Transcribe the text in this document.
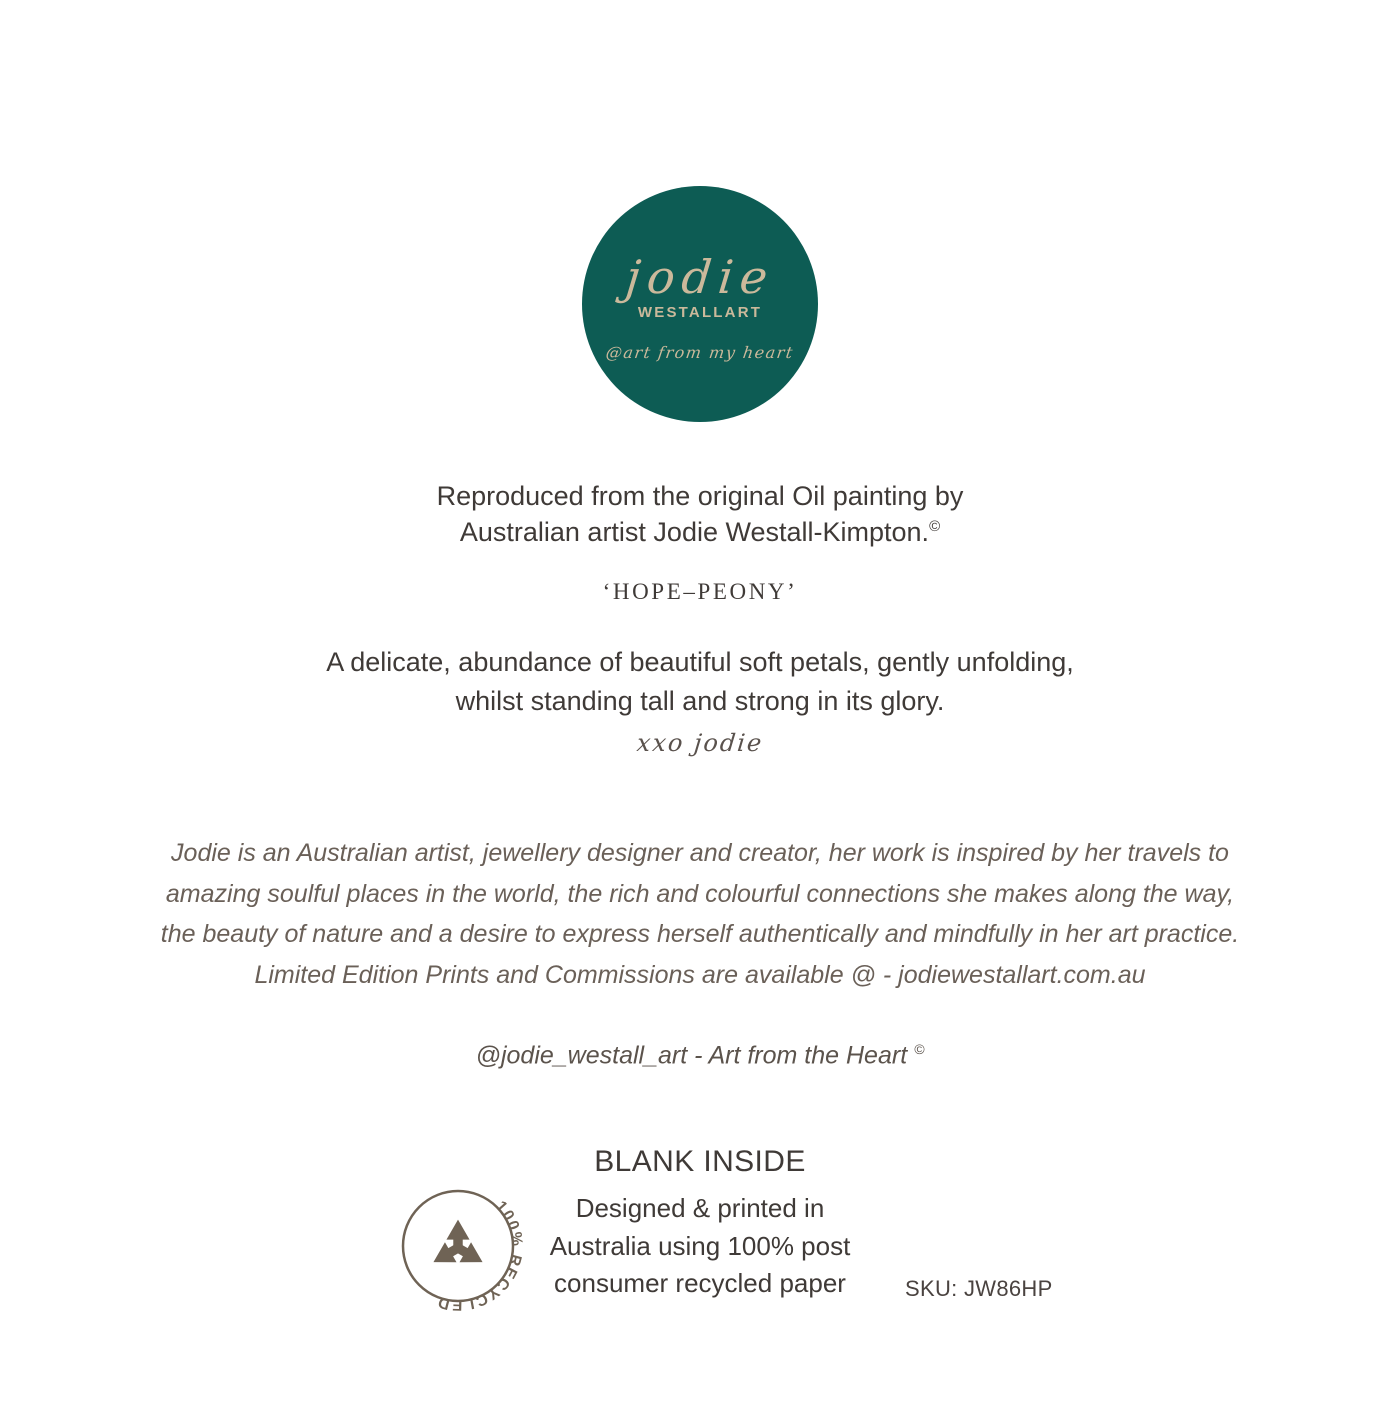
jodie
WESTALLART
@art from my heart
Reproduced from the original Oil painting by
Australian artist Jodie Westall-Kimpton.©
‘HOPE–PEONY’
A delicate, abundance of beautiful soft petals, gently unfolding,
whilst standing tall and strong in its glory.
xxo jodie
Jodie is an Australian artist, jewellery designer and creator, her work is inspired by her travels to
amazing soulful places in the world, the rich and colourful connections she makes along the way,
the beauty of nature and a desire to express herself authentically and mindfully in her art practice.
Limited Edition Prints and Commissions are available @ - jodiewestallart.com.au
@jodie_westall_art - Art from the Heart ©
BLANK INSIDE
Designed & printed in
Australia using 100% post
consumer recycled paper	SKU: JW86HP
100% RECYCLED
